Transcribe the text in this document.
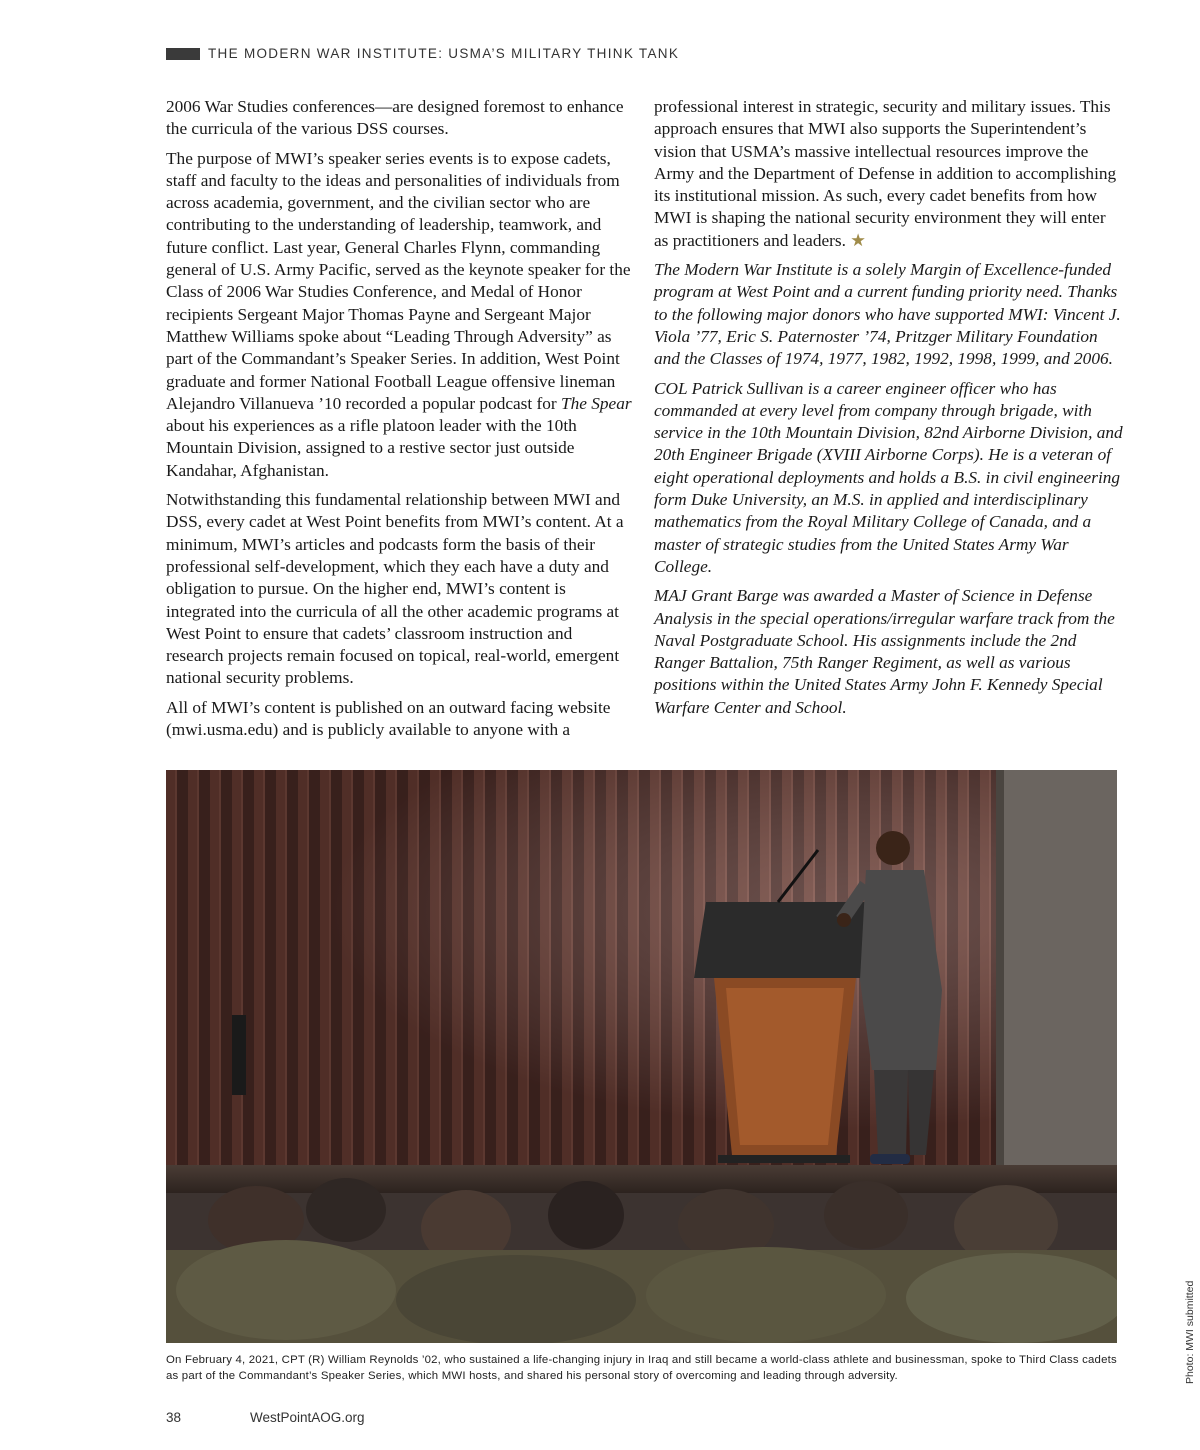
THE MODERN WAR INSTITUTE: USMA’S MILITARY THINK TANK

2006 War Studies conferences—are designed foremost to enhance the curricula of the various DSS courses.

The purpose of MWI’s speaker series events is to expose cadets, staff and faculty to the ideas and personalities of individuals from across academia, government, and the civilian sector who are contributing to the understanding of leadership, teamwork, and future conflict. Last year, General Charles Flynn, commanding general of U.S. Army Pacific, served as the keynote speaker for the Class of 2006 War Studies Conference, and Medal of Honor recipients Sergeant Major Thomas Payne and Sergeant Major Matthew Williams spoke about “Leading Through Adversity” as part of the Commandant’s Speaker Series. In addition, West Point graduate and former National Football League offensive lineman Alejandro Villanueva ’10 recorded a popular podcast for The Spear about his experiences as a rifle platoon leader with the 10th Mountain Division, assigned to a restive sector just outside Kandahar, Afghanistan.

Notwithstanding this fundamental relationship between MWI and DSS, every cadet at West Point benefits from MWI’s content. At a minimum, MWI’s articles and podcasts form the basis of their professional self-development, which they each have a duty and obligation to pursue. On the higher end, MWI’s content is integrated into the curricula of all the other academic programs at West Point to ensure that cadets’ classroom instruction and research projects remain focused on topical, real-world, emergent national security problems.

All of MWI’s content is published on an outward facing website (mwi.usma.edu) and is publicly available to anyone with a

professional interest in strategic, security and military issues. This approach ensures that MWI also supports the Superintendent’s vision that USMA’s massive intellectual resources improve the Army and the Department of Defense in addition to accomplishing its institutional mission. As such, every cadet benefits from how MWI is shaping the national security environment they will enter as practitioners and leaders. ★

The Modern War Institute is a solely Margin of Excellence-funded program at West Point and a current funding priority need. Thanks to the following major donors who have supported MWI: Vincent J. Viola ’77, Eric S. Paternoster ’74, Pritzger Military Foundation and the Classes of 1974, 1977, 1982, 1992, 1998, 1999, and 2006.

COL Patrick Sullivan is a career engineer officer who has commanded at every level from company through brigade, with service in the 10th Mountain Division, 82nd Airborne Division, and 20th Engineer Brigade (XVIII Airborne Corps). He is a veteran of eight operational deployments and holds a B.S. in civil engineering form Duke University, an M.S. in applied and interdisciplinary mathematics from the Royal Military College of Canada, and a master of strategic studies from the United States Army War College.

MAJ Grant Barge was awarded a Master of Science in Defense Analysis in the special operations/irregular warfare track from the Naval Postgraduate School. His assignments include the 2nd Ranger Battalion, 75th Ranger Regiment, as well as various positions within the United States Army John F. Kennedy Special Warfare Center and School.

On February 4, 2021, CPT (R) William Reynolds ’02, who sustained a life-changing injury in Iraq and still became a world-class athlete and businessman, spoke to Third Class cadets as part of the Commandant’s Speaker Series, which MWI hosts, and shared his personal story of overcoming and leading through adversity.	Photo: MWI submitted
38	WestPointAOG.org
